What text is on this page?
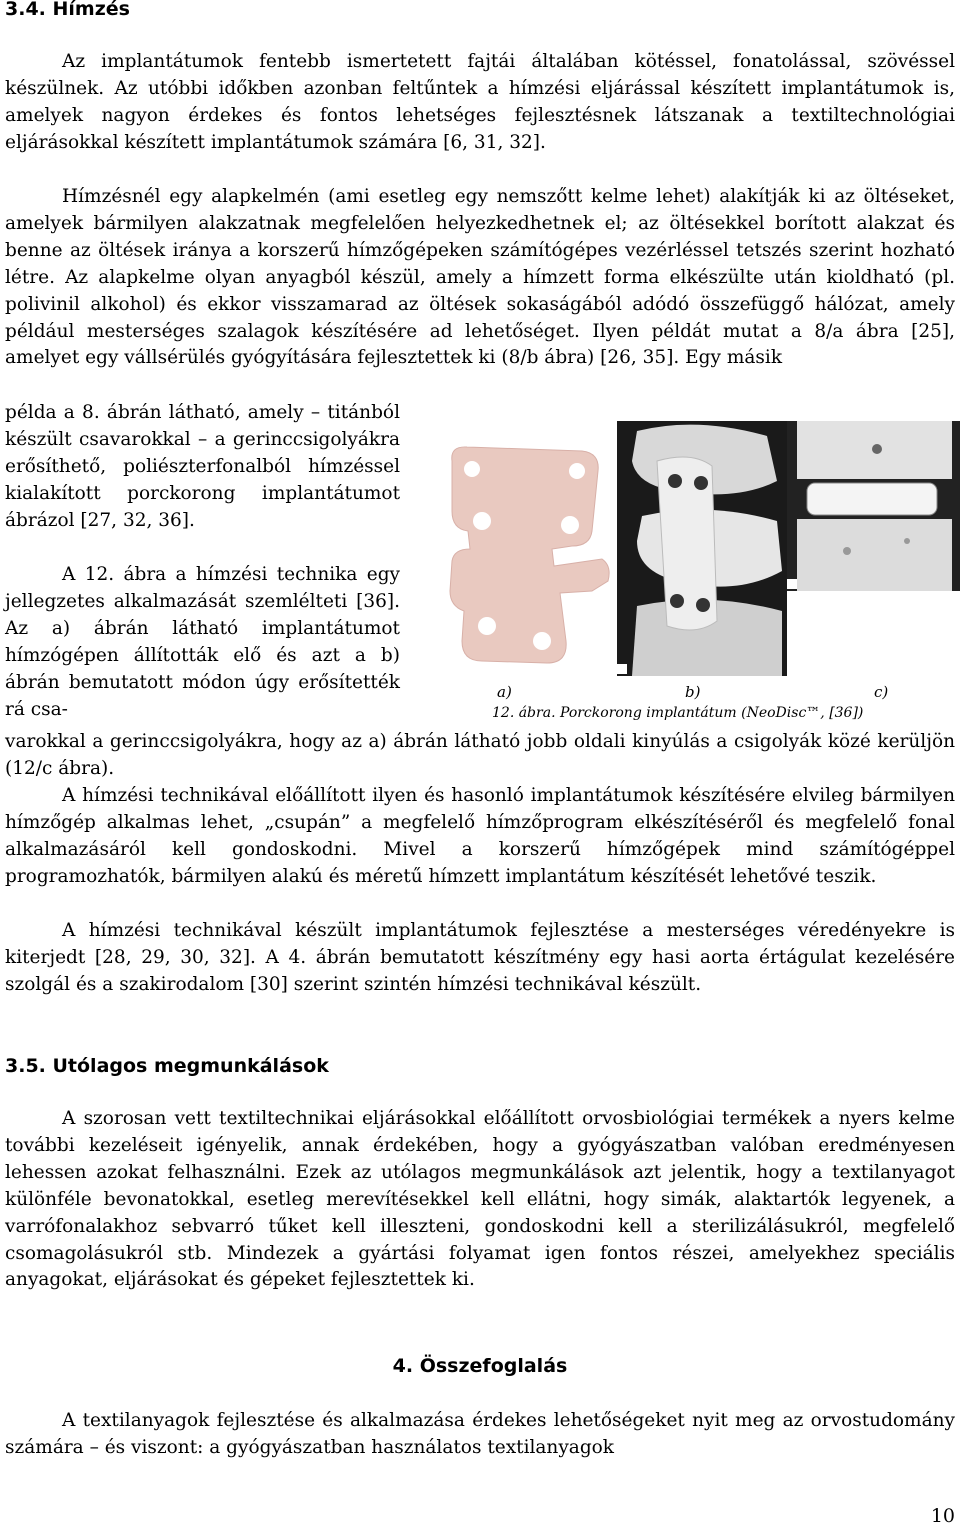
3.4. Hímzés

Az implantátumok fentebb ismertetett fajtái általában kötéssel, fonatolással, szövéssel készülnek. Az utóbbi időkben azonban feltűntek a hímzési eljárással készített implantátumok is, amelyek nagyon érdekes és fontos lehetséges fejlesztésnek látszanak a textiltechnológiai eljárásokkal készített implantátumok számára [6, 31, 32].

Hímzésnél egy alapkelmén (ami esetleg egy nemszőtt kelme lehet) alakítják ki az öltéseket, amelyek bármilyen alakzatnak megfelelően helyezkedhetnek el; az öltésekkel borított alakzat és benne az öltések iránya a korszerű hímzőgépeken számítógépes vezérléssel tetszés szerint hozható létre. Az alapkelme olyan anyagból készül, amely a hímzett forma elkészülte után kioldható (pl. polivinil alkohol) és ekkor visszamarad az öltések sokaságából adódó összefüggő hálózat, amely például mesterséges szalagok készítésére ad lehetőséget. Ilyen példát mutat a 8/a ábra [25], amelyet egy vállsérülés gyógyítására fejlesztettek ki (8/b ábra) [26, 35]. Egy másik

példa a 8. ábrán látható, amely – titánból készült csavarokkal – a gerinccsigolyákra erősíthető, poliészterfonalból hímzéssel kialakított porckorong implantátumot ábrázol [27, 32, 36].

A 12. ábra a hímzési technika egy jellegzetes alkalmazását szemlélteti [36]. Az a) ábrán látható implantátumot hímzógépen állították elő és azt a b) ábrán bemutatott módon úgy erősítették rá csa-

varokkal a gerinccsigolyákra, hogy az a) ábrán látható jobb oldali kinyúlás a csigolyák közé kerüljön (12/c ábra).

a)	b)	c)
12. ábra. Porckorong implantátum (NeoDisc™, [36])

A hímzési technikával előállított ilyen és hasonló implantátumok készítésére elvileg bármilyen hímzőgép alkalmas lehet, „csupán” a megfelelő hímzőprogram elkészítéséről és megfelelő fonal alkalmazásáról kell gondoskodni. Mivel a korszerű hímzőgépek mind számítógéppel programozhatók, bármilyen alakú és méretű hímzett implantátum készítését lehetővé teszik.

A hímzési technikával készült implantátumok fejlesztése a mesterséges véredényekre is kiterjedt [28, 29, 30, 32]. A 4. ábrán bemutatott készítmény egy hasi aorta értágulat kezelésére szolgál és a szakirodalom [30] szerint szintén hímzési technikával készült.

3.5. Utólagos megmunkálások

A szorosan vett textiltechnikai eljárásokkal előállított orvosbiológiai termékek a nyers kelme további kezeléseit igényelik, annak érdekében, hogy a gyógyászatban valóban eredményesen lehessen azokat felhasználni. Ezek az utólagos megmunkálások azt jelentik, hogy a textilanyagot különféle bevonatokkal, esetleg merevítésekkel kell ellátni, hogy simák, alaktartók legyenek, a varrófonalakhoz sebvarró tűket kell illeszteni, gondoskodni kell a sterilizálásukról, megfelelő csomagolásukról stb. Mindezek a gyártási folyamat igen fontos részei, amelyekhez speciális anyagokat, eljárásokat és gépeket fejlesztettek ki.

4. Összefoglalás

A textilanyagok fejlesztése és alkalmazása érdekes lehetőségeket nyit meg az orvostudomány számára – és viszont: a gyógyászatban használatos textilanyagok

10
